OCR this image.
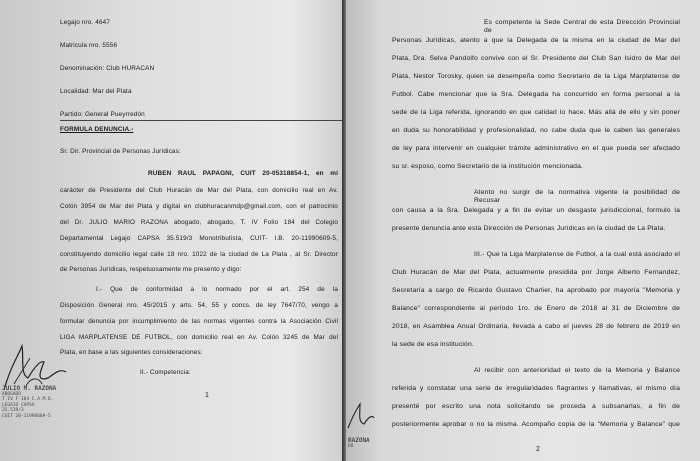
Legajo nro. 4647
Matricula nro. 5556
Denominación: Club HURACAN
Localidad: Mar del Plata
Partido: General Pueyrredón
FORMULA DENUNCIA.-
Sr. Dir. Provincial de Personas Jurídicas:
RUBEN RAUL PAPAGNI, CUIT 20-05318854-1, en mi
carácter de Presidente del Club Huracán de Mar del Plata, con domicilio real en Av.
Colón 3954 de Mar del Plata y digital en clubhuracanmdp@gmail.com, con el patrocinio
del Dr. JULIO MARIO RAZONA abogado, abogado, T. IV Folio 184 del Colegio
Departamental Legajo CAPSA 35.519/3 Monotributista, CUIT- I.B. 20-11990609-5,
constituyendo domicilio legal calle 18 nro. 1022 de la ciudad de La Plata , al Sr. Director
de Personas Jurídicas, respetuosamente me presento y digo:
I.- Que de conformidad a lo normado por el art. 254 de la
Disposición General nro. 45/2015 y arts. 54, 55 y concs. de ley 7647/70, vengo a
formular denuncia por incumplimiento de las normas vigentes contra la Asociación Civil
LIGA MARPLATENSE DE FUTBOL, con domicilio real en Av. Colón 3245 de Mar del
Plata, en base a las siguientes consideraciones:
II.- Competencia:
1
JULIO M. RAZONA
ABOGADO
T IV F 184 C.A.M.D.
LEGAJO CAPSA
35.519/3
CUIT 20-11990609-5
Es competente la Sede Central de esta Dirección Provincial de
Personas Jurídicas, atento a que la Delegada de la misma en la ciudad de Mar del
Plata, Dra. Selva Pandolfo convive con el Sr. Presidente del Club San Isidro de Mar del
Plata, Nestor Torosky, quien se desempeña como Secretario de la Liga Marplatense de
Futbol. Cabe mencionar que la Sra. Delegada ha concurrido en forma personal a la
sede de la Liga referida, ignorando en que calidad lo hace. Más allá de ello y sin poner
en duda su honorabilidad y profesionalidad, no cabe duda que le caben las generales
de ley para intervenir en cualquier trámite administrativo en el que pueda ser afectado
su sr. esposo, como Secretario de la institución mencionada.
Atento no surgir de la normativa vigente la posibilidad de Recusar
con causa a la Sra. Delegada y a fin de evitar un desgaste jurisdiccional, formulo la
presente denuncia ante esta Dirección de Personas Jurídicas en la ciudad de La Plata.
III.- Que la Liga Marplatense de Futbol, a la cual está asociado el
Club Huracán de Mar del Plata, actualmente presidida por Jorge Alberto Fernandez,
Secretaría a cargo de Ricardo Gustavo Charlier, ha aprobado por mayoría "Memoria y
Balance" correspondiente al período 1ro. de Enero de 2018 al 31 de Diciembre de
2018, en Asamblea Anual Ordinaria, llevada a cabo el jueves 28 de febrero de 2019 en
la sede de esa institución.
Al recibir con anterioridad el texto de la Memoria y Balance
referida y constatar una serie de irregularidades flagrantes y llamativas, el mismo día
presenté por escrito una nota solicitando se proceda a subsanarlas, a fin de
posteriormente aprobar o no la misma. Acompaño copia de la "Memoria y Balance" que
2
RAZONA
DO
